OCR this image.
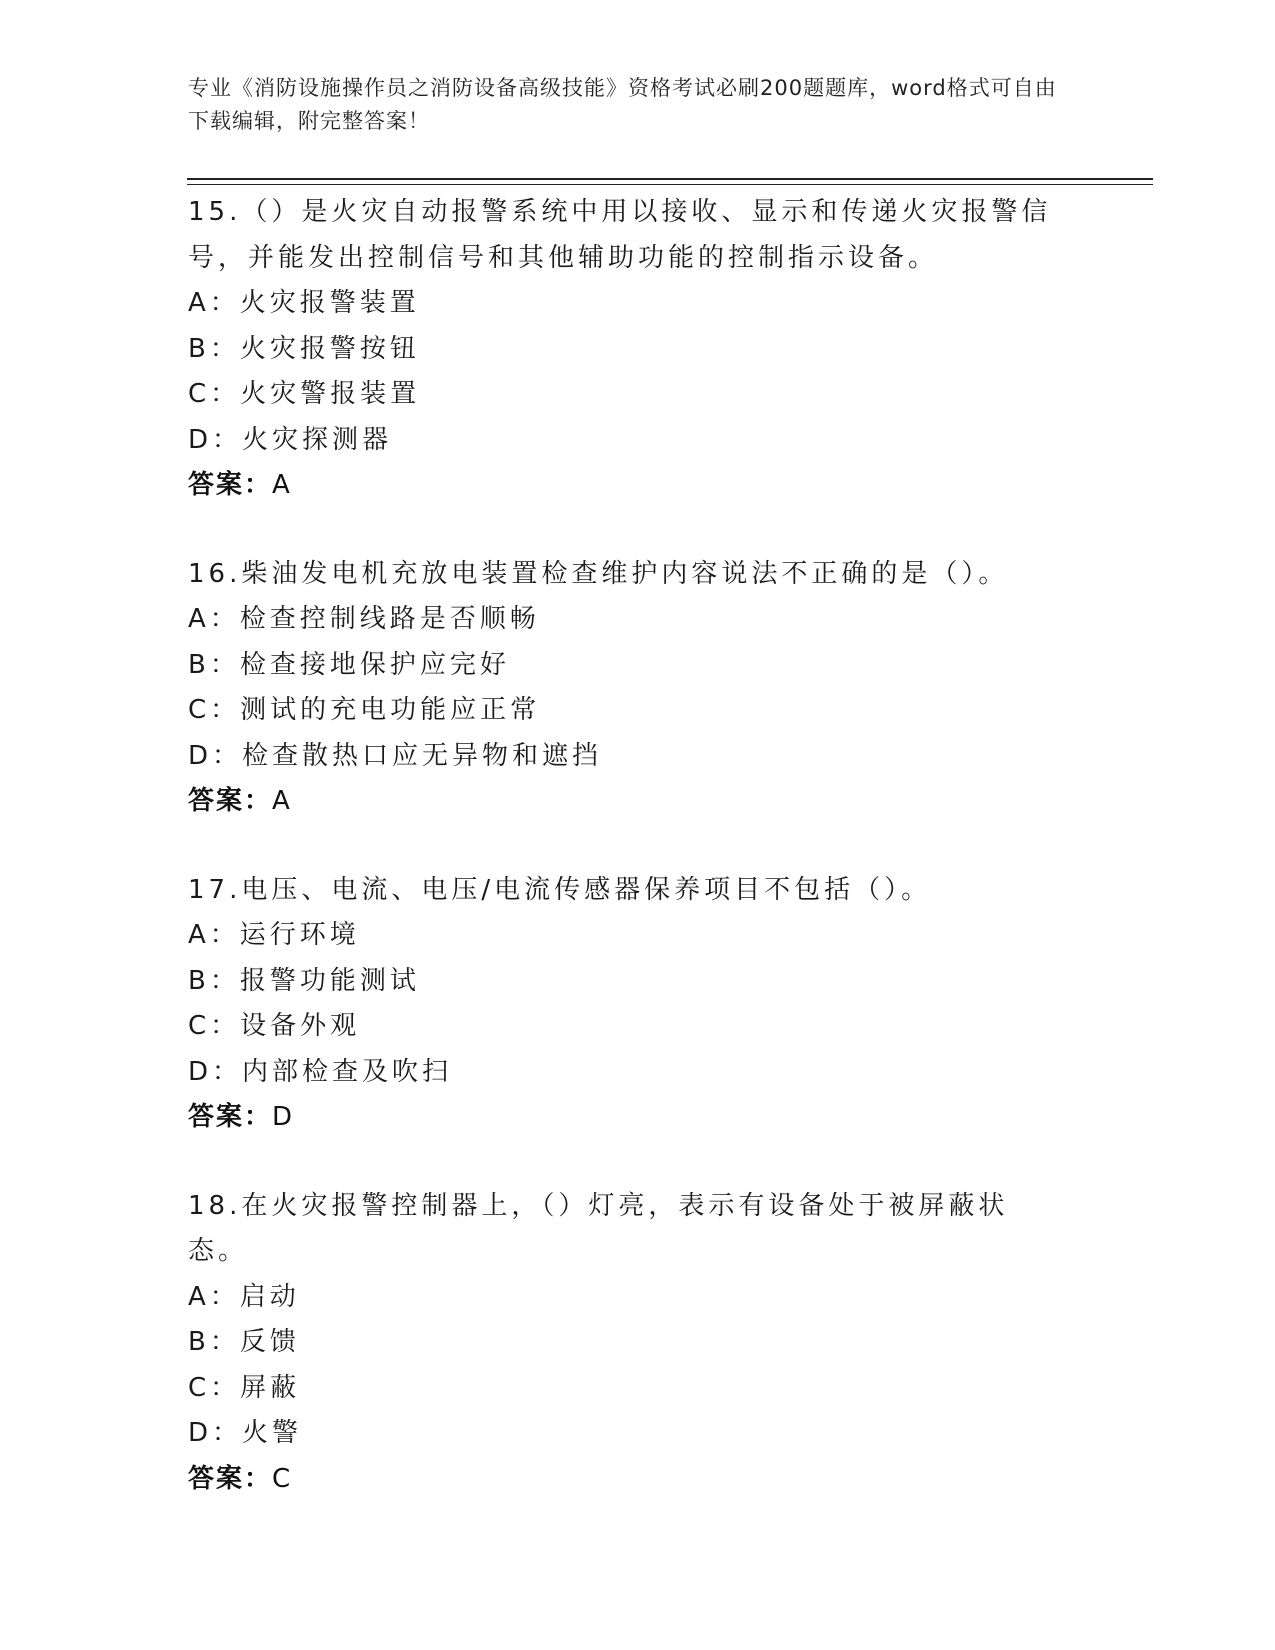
专业《消防设施操作员之消防设备高级技能》资格考试必刷200题题库，word格式可自由下载编辑，附完整答案！
15.（）是火灾自动报警系统中用以接收、显示和传递火灾报警信号，并能发出控制信号和其他辅助功能的控制指示设备。
A：火灾报警装置
B：火灾报警按钮
C：火灾警报装置
D：火灾探测器
答案：A
16.柴油发电机充放电装置检查维护内容说法不正确的是（）。
A：检查控制线路是否顺畅
B：检查接地保护应完好
C：测试的充电功能应正常
D：检查散热口应无异物和遮挡
答案：A
17.电压、电流、电压/电流传感器保养项目不包括（）。
A：运行环境
B：报警功能测试
C：设备外观
D：内部检查及吹扫
答案：D
18.在火灾报警控制器上，（）灯亮，表示有设备处于被屏蔽状态。
A：启动
B：反馈
C：屏蔽
D：火警
答案：C
